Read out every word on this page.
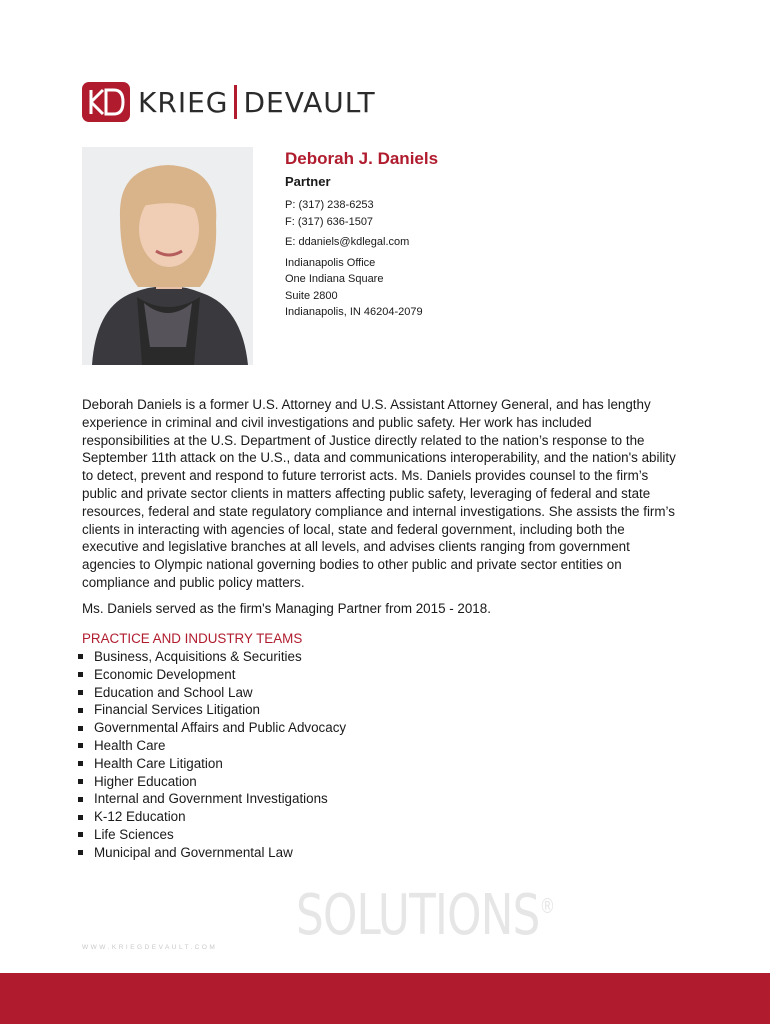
KRIEG DEVAULT
Deborah J. Daniels
Partner
P: (317) 238-6253
F: (317) 636-1507
E: ddaniels@kdlegal.com
Indianapolis Office
One Indiana Square
Suite 2800
Indianapolis, IN 46204-2079

Deborah Daniels is a former U.S. Attorney and U.S. Assistant Attorney General, and has lengthy experience in criminal and civil investigations and public safety. Her work has included responsibilities at the U.S. Department of Justice directly related to the nation’s response to the September 11th attack on the U.S., data and communications interoperability, and the nation's ability to detect, prevent and respond to future terrorist acts. Ms. Daniels provides counsel to the firm’s public and private sector clients in matters affecting public safety, leveraging of federal and state resources, federal and state regulatory compliance and internal investigations. She assists the firm’s clients in interacting with agencies of local, state and federal government, including both the executive and legislative branches at all levels, and advises clients ranging from government agencies to Olympic national governing bodies to other public and private sector entities on compliance and public policy matters.

Ms. Daniels served as the firm's Managing Partner from 2015 - 2018.

PRACTICE AND INDUSTRY TEAMS
Business, Acquisitions & Securities
Economic Development
Education and School Law
Financial Services Litigation
Governmental Affairs and Public Advocacy
Health Care
Health Care Litigation
Higher Education
Internal and Government Investigations
K-12 Education
Life Sciences
Municipal and Governmental Law
WWW.KRIEGDEVAULT.COM SOLUTIONS®
